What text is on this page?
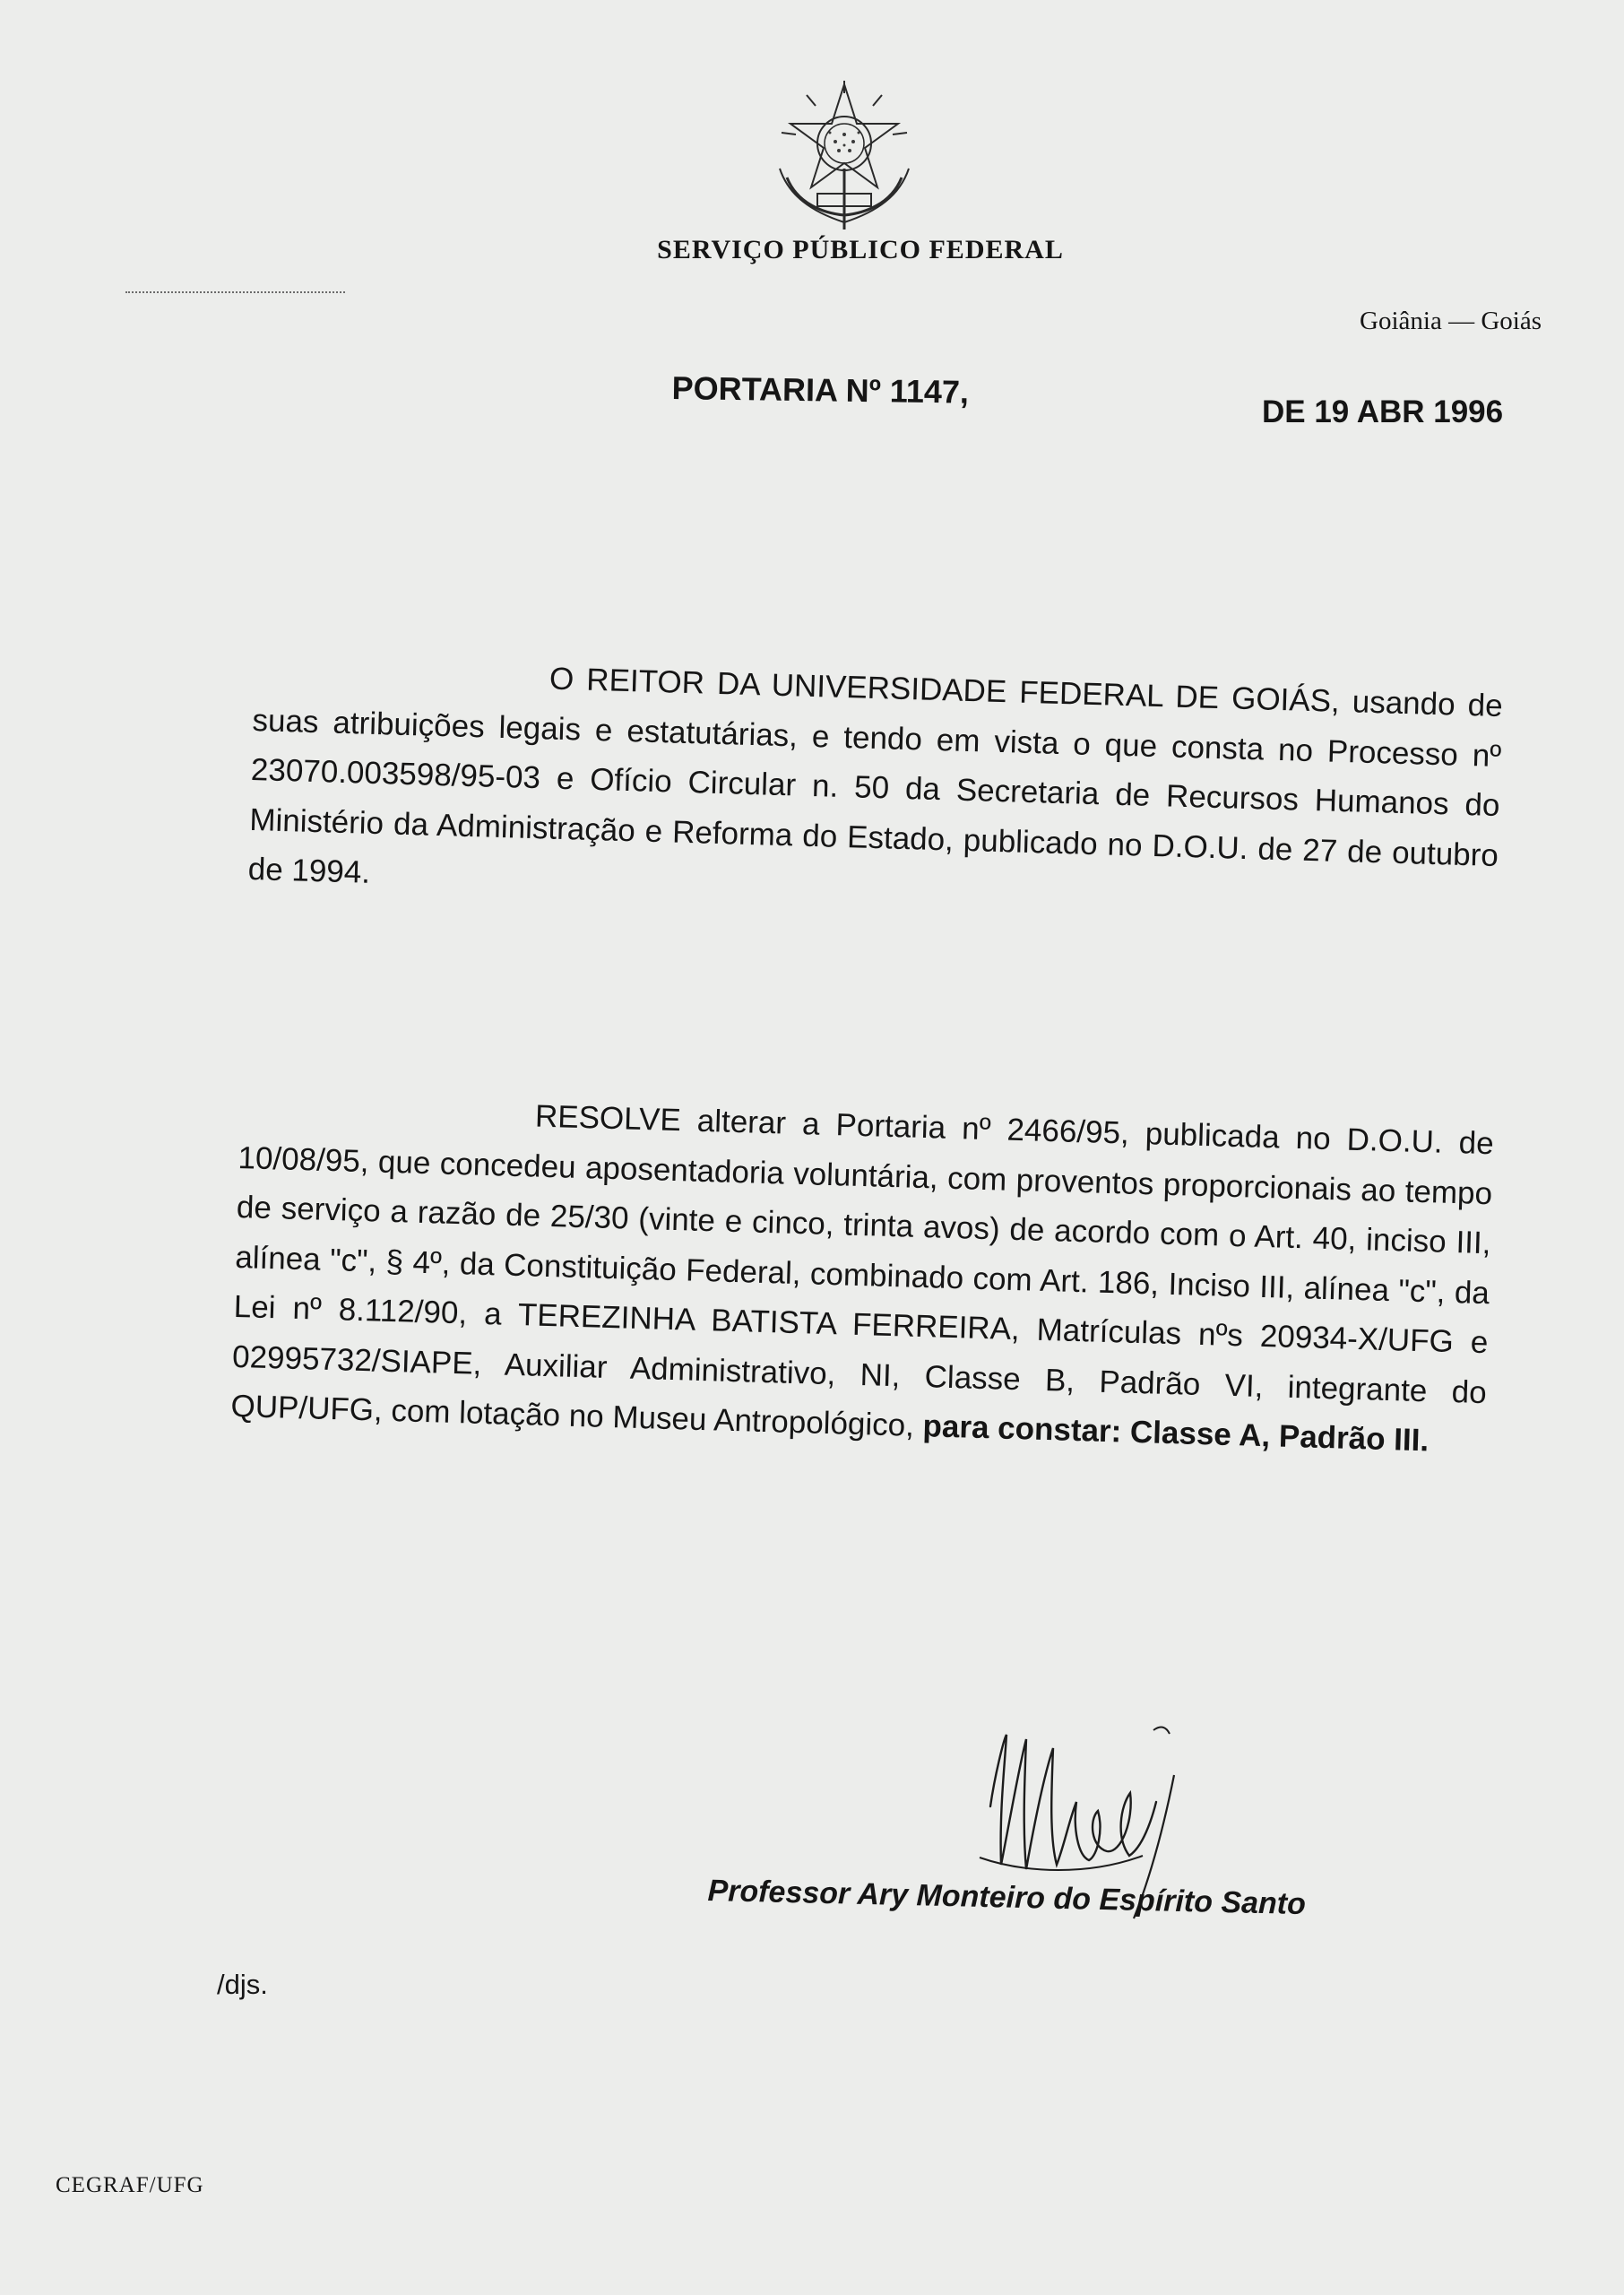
SERVIÇO PÚBLICO FEDERAL
Goiânia — Goiás
PORTARIA Nº 1147,
DE 19 ABR 1996

O REITOR DA UNIVERSIDADE FEDERAL DE GOIÁS, usando de suas atribuições legais e estatutárias, e tendo em vista o que consta no Processo nº 23070.003598/95-03 e Ofício Circular n. 50 da Secretaria de Recursos Humanos do Ministério da Administração e Reforma do Estado, publicado no D.O.U. de 27 de outubro de 1994.

RESOLVE alterar a Portaria nº 2466/95, publicada no D.O.U. de 10/08/95, que concedeu aposentadoria voluntária, com proventos proporcionais ao tempo de serviço a razão de 25/30 (vinte e cinco, trinta avos) de acordo com o Art. 40, inciso III, alínea "c", § 4º, da Constituição Federal, combinado com Art. 186, Inciso III, alínea "c", da Lei nº 8.112/90, a TEREZINHA BATISTA FERREIRA, Matrículas nºs 20934-X/UFG e 02995732/SIAPE, Auxiliar Administrativo, NI, Classe B, Padrão VI, integrante do QUP/UFG, com lotação no Museu Antropológico, para constar: Classe A, Padrão III.

Professor Ary Monteiro do Espírito Santo
/djs.
CEGRAF/UFG
